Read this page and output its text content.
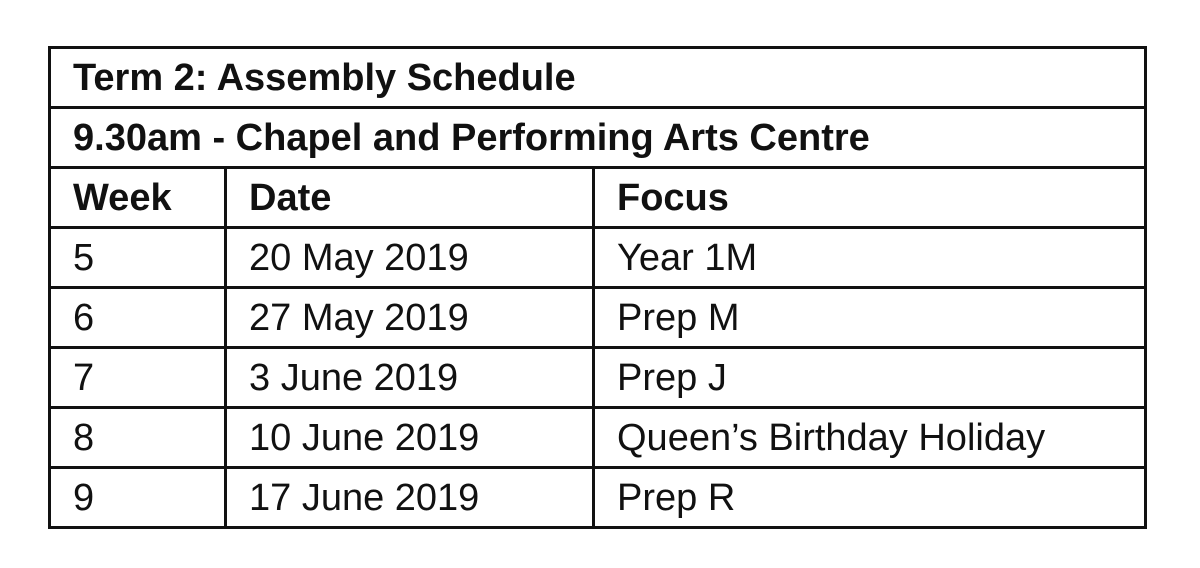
Term 2: Assembly Schedule		
9.30am - Chapel and Performing Arts Centre		
Week	Date	Focus
5	20 May 2019	Year 1M
6	27 May 2019	Prep M
7	3 June 2019	Prep J
8	10 June 2019	Queen’s Birthday Holiday
9	17 June 2019	Prep R
